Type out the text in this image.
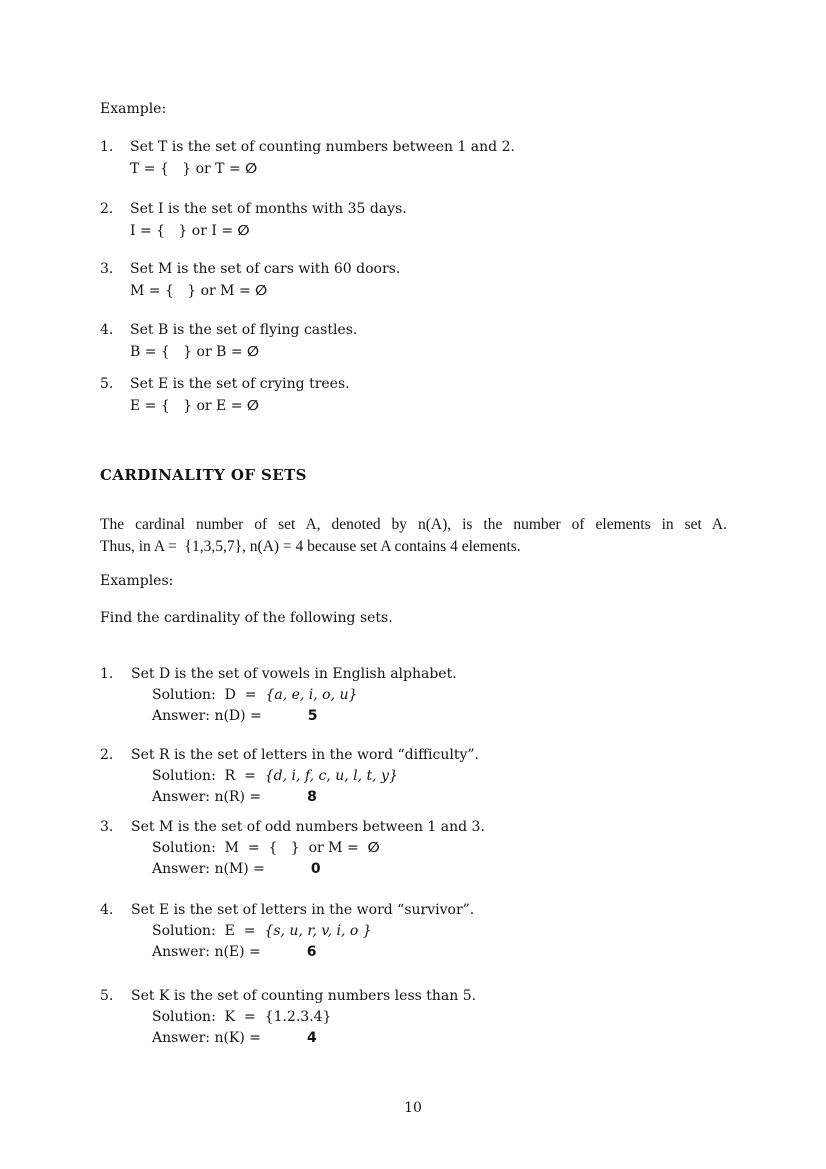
Example:
1.	Set T is the set of counting numbers between 1 and 2.
T = {   } or T = ∅
2.	Set I is the set of months with 35 days.
I = {   } or I = ∅
3.	Set M is the set of cars with 60 doors.
M = {   } or M = ∅
4.	Set B is the set of flying castles.
B = {   } or B = ∅
5.	Set E is the set of crying trees.
E = {   } or E = ∅
CARDINALITY OF SETS
The cardinal number of set A, denoted by n(A), is the number of elements in set A.
Thus, in A =  {1,3,5,7}, n(A) = 4 because set A contains 4 elements.
Examples:
Find the cardinality of the following sets.
1.	Set D is the set of vowels in English alphabet.
Solution:  D  =  {a, e, i, o, u}
Answer: n(D) =	5
2.	Set R is the set of letters in the word “difficulty”.
Solution:  R  =  {d, i, f, c, u, l, t, y}
Answer: n(R) =	8
3.	Set M is the set of odd numbers between 1 and 3.
Solution:  M  =  {   }  or M =  ∅
Answer: n(M) =	0
4.	Set E is the set of letters in the word “survivor”.
Solution:  E  =  {s, u, r, v, i, o }
Answer: n(E) =	6
5.	Set K is the set of counting numbers less than 5.
Solution:  K  =  {1.2.3.4}
Answer: n(K) =	4
10
